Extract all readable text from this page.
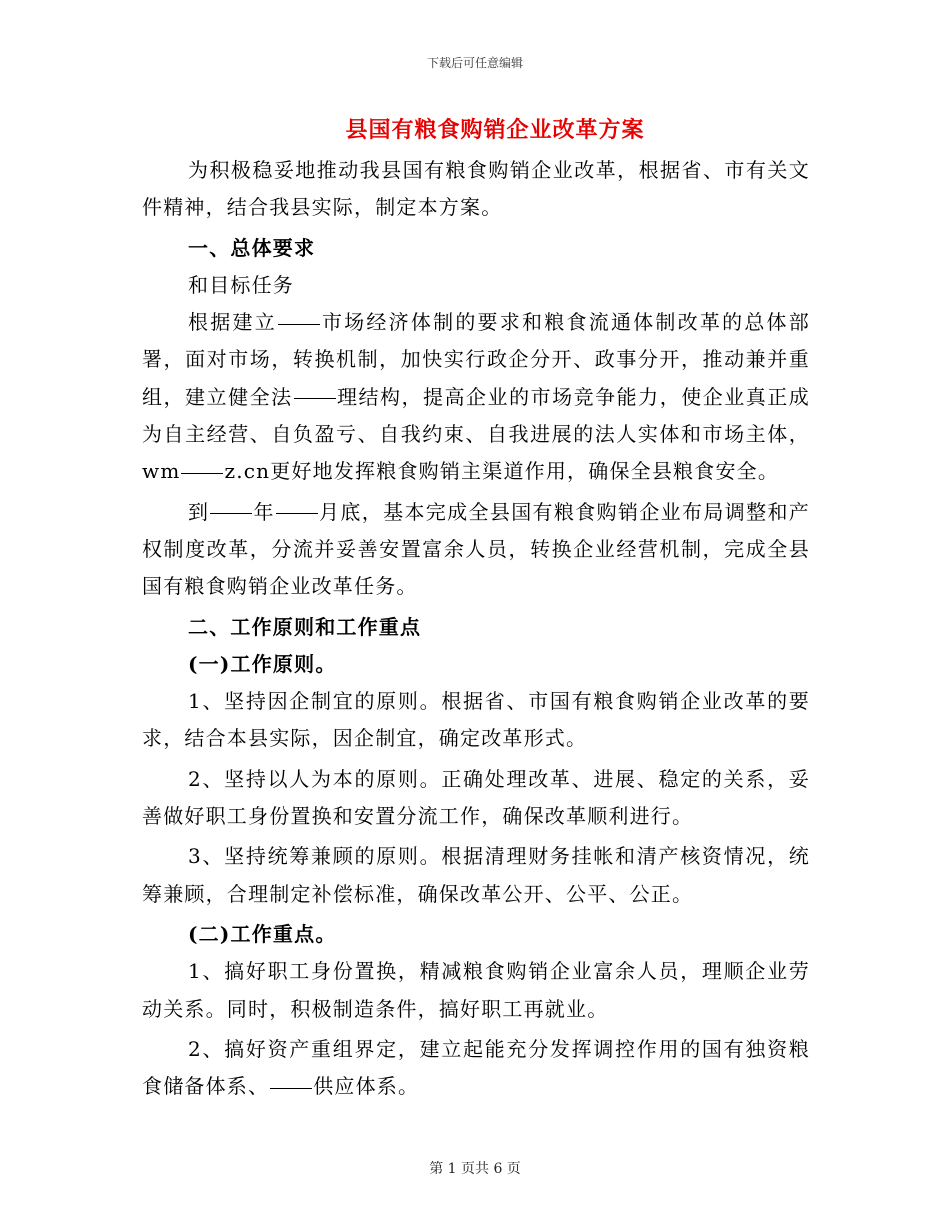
下载后可任意编辑
县国有粮食购销企业改革方案

为积极稳妥地推动我县国有粮食购销企业改革，根据省、市有关文件精神，结合我县实际，制定本方案。

一、总体要求

和目标任务

根据建立 市场经济体制的要求和粮食流通体制改革的总体部署，面对市场，转换机制，加快实行政企分开、政事分开，推动兼并重组，建立健全法 理结构，提高企业的市场竞争能力，使企业真正成为自主经营、自负盈亏、自我约束、自我进展的法人实体和市场主体，wm z.cn更好地发挥粮食购销主渠道作用，确保全县粮食安全。

到 年 月底，基本完成全县国有粮食购销企业布局调整和产权制度改革，分流并妥善安置富余人员，转换企业经营机制，完成全县国有粮食购销企业改革任务。

二、工作原则和工作重点

(一)工作原则。

1、坚持因企制宜的原则。根据省、市国有粮食购销企业改革的要求，结合本县实际，因企制宜，确定改革形式。

2、坚持以人为本的原则。正确处理改革、进展、稳定的关系，妥善做好职工身份置换和安置分流工作，确保改革顺利进行。

3、坚持统筹兼顾的原则。根据清理财务挂帐和清产核资情况，统筹兼顾，合理制定补偿标准，确保改革公开、公平、公正。

(二)工作重点。

1、搞好职工身份置换，精减粮食购销企业富余人员，理顺企业劳动关系。同时，积极制造条件，搞好职工再就业。

2、搞好资产重组界定，建立起能充分发挥调控作用的国有独资粮食储备体系、 供应体系。

第 1 页共 6 页
